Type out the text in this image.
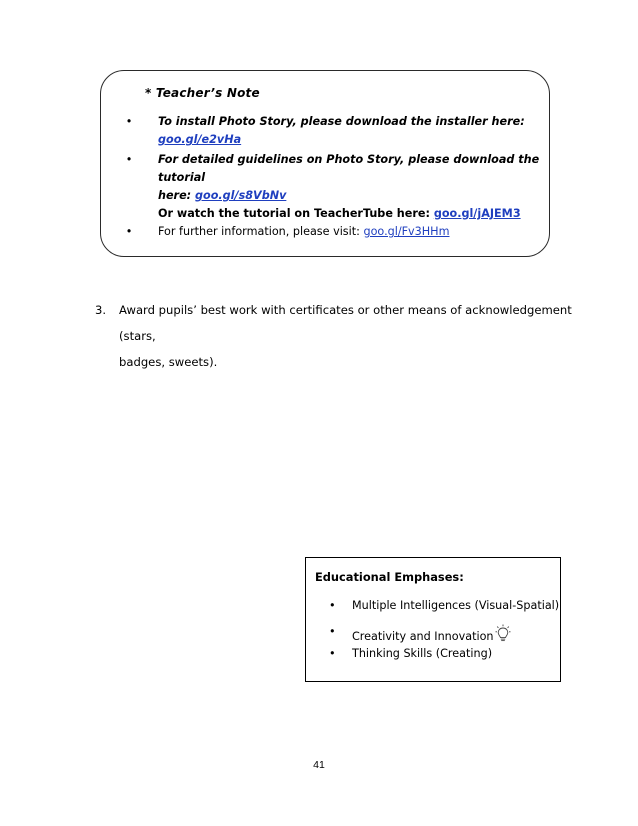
* Teacher’s Note
•	To install Photo Story, please download the installer here:
goo.gl/e2vHa
•	For detailed guidelines on Photo Story, please download the
tutorial
here: goo.gl/s8VbNv
Or watch the tutorial on TeacherTube here: goo.gl/jAJEM3
•	For further information, please visit: goo.gl/Fv3HHm
3.	Award pupils’ best work with certificates or other means of acknowledgement (stars,
badges, sweets).
Educational Emphases:
• Multiple Intelligences (Visual-Spatial)
• Creativity and Innovation
• Thinking Skills (Creating)
41
